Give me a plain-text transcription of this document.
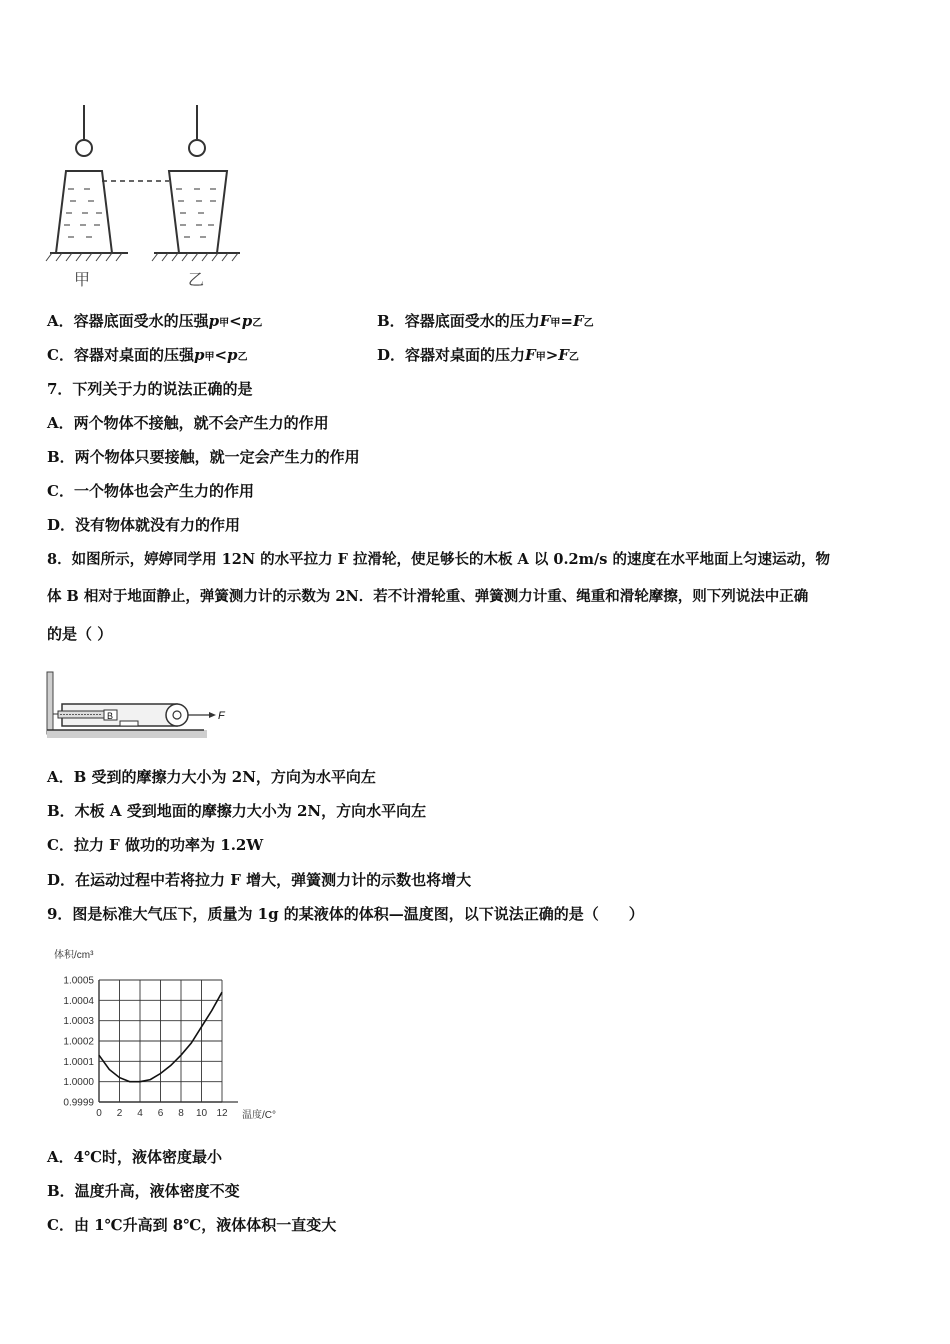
甲	乙
A．容器底面受水的压强p甲<p乙	B．容器底面受水的压力F甲=F乙
C．容器对桌面的压强p甲<p乙	D．容器对桌面的压力F甲>F乙
7．下列关于力的说法正确的是
A．两个物体不接触，就不会产生力的作用
B．两个物体只要接触，就一定会产生力的作用
C．一个物体也会产生力的作用
D．没有物体就没有力的作用
8．如图所示，婷婷同学用 12N 的水平拉力 F 拉滑轮，使足够长的木板 A 以 0.2m/s 的速度在水平地面上匀速运动，物
体 B 相对于地面静止，弹簧测力计的示数为 2N．若不计滑轮重、弹簧测力计重、绳重和滑轮摩擦，则下列说法中正确
的是（ ）
B	F
A．B 受到的摩擦力大小为 2N，方向为水平向左
B．木板 A 受到地面的摩擦力大小为 2N，方向水平向左
C．拉力 F 做功的功率为 1.2W
D．在运动过程中若将拉力 F 增大，弹簧测力计的示数也将增大
9．图是标准大气压下，质量为 1g 的某液体的体积—温度图，以下说法正确的是（　　）
体积/cm³
温度/C°
0.9999
1.0000
1.0001
1.0002
1.0003
1.0004
1.0005
0 2 4 6 8 10 12
A．4℃时，液体密度最小
B．温度升高，液体密度不变
C．由 1℃升高到 8℃，液体体积一直变大
